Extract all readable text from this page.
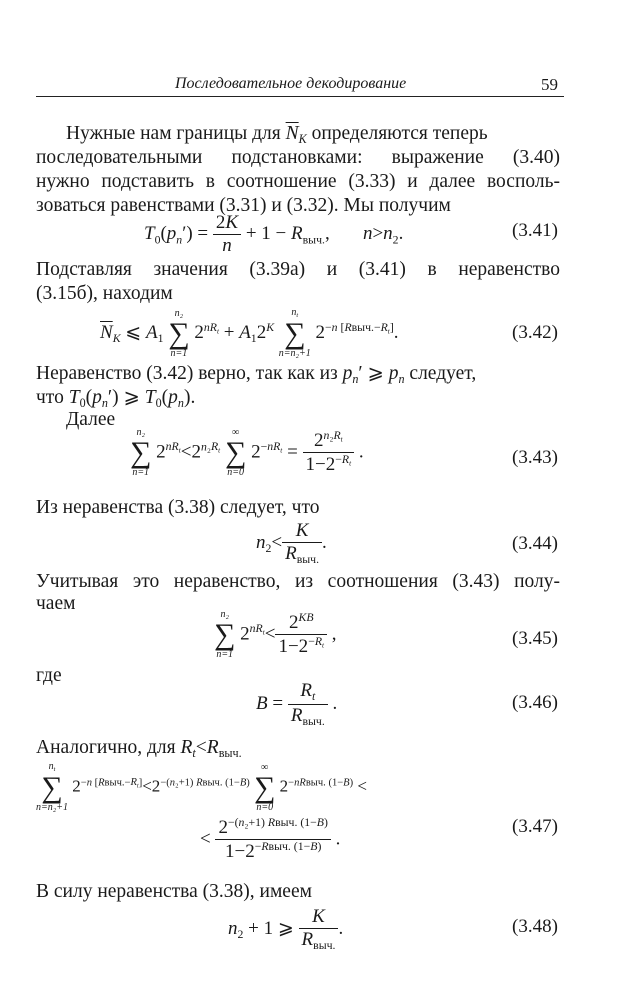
Последовательное декодирование	59
Нужные нам границы для $\overline{N}_K$ определяются теперь
последовательными подстановками: выражение (3.40)
нужно подставить в соотношение (3.33) и далее восполь-
зоваться равенствами (3.31) и (3.32). Мы получим
$T_0(p_n') = \frac{2K}{n} + 1 - R_{выч.}$,       $n>n_2$.	(3.41)
Подставляя значения (3.39а) и (3.41) в неравенство
(3.15б), находим
$\overline{N}_K$ ⩽ $A_1$
n₂
∑
n=1
$2^{nR_t} + A_12^K$
$n_t$
∑
n=n₂+1
$2^{-n [Rвыч.-R_t]}$.	(3.42)
Неравенство (3.42) верно, так как из $p_n'$ ⩾ $p_n$ следует,
что $T_0(p_n')$ ⩾ $T_0(p_n)$.
Далее
n₂
∑
n=1
$2^{nR_t}<2^{n_2R_t}$
∞
∑
n=0
$2^{-nR_t} = \frac{2^{n_2R_t}}{1-2^{-R_t}}$ .	(3.43)
Из неравенства (3.38) следует, что
$n_2< \frac{K}{R_{выч.}}$ .	(3.44)
Учитывая это неравенство, из соотношения (3.43) полу-
чаем
n₂
∑
n=1
$2^{nR_t}< \frac{2^{KB}}{1-2^{-R_t}}$ ,	(3.45)
где
$B = \frac{R_t}{R_{выч.}}$ .	(3.46)
Аналогично, для $R_t<R_{выч.}$
$n_t$
∑
n=n₂+1
$2^{-n [Rвыч.-R_t]}<2^{-(n_2+1) Rвыч. (1-B)}$
∞
∑
n=0
$2^{-nRвыч. (1-B)}$ <
< $\frac{2^{-(n_2+1) Rвыч. (1-B)}}{1-2^{-Rвыч. (1-B)}}$ .
(3.47)
В силу неравенства (3.38), имеем
$n_2 + 1$ ⩾ $\frac{K}{R_{выч.}}$ .	(3.48)
